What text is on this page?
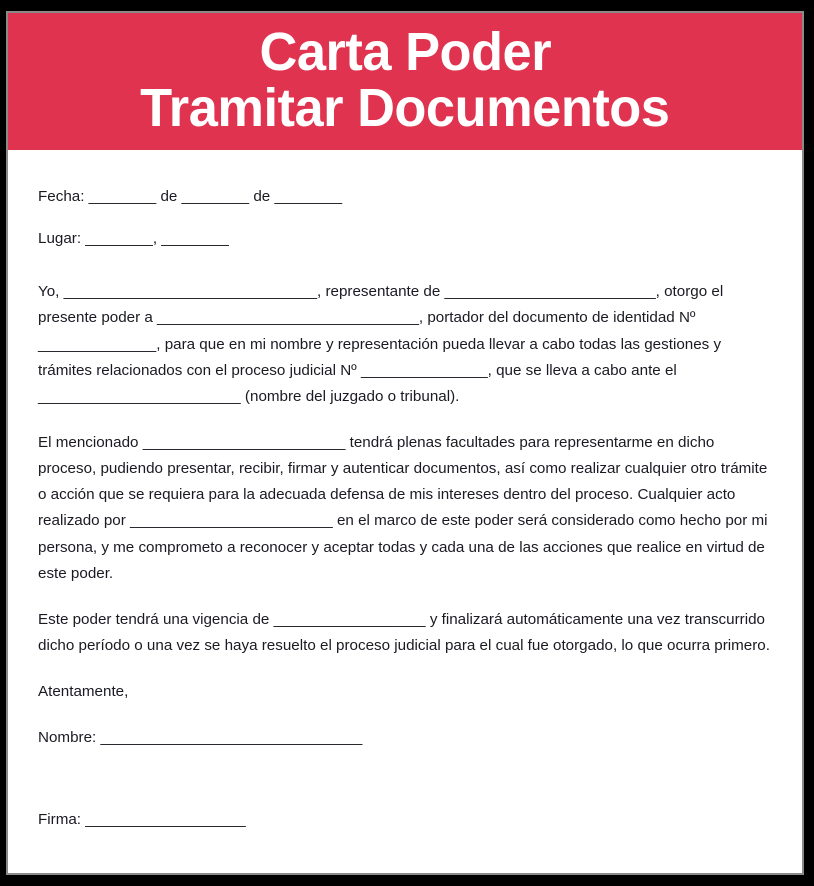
Carta Poder
Tramitar Documentos
Fecha: ________ de ________ de ________
Lugar: ________, ________

Yo, ______________________________, representante de _________________________, otorgo el presente poder a _______________________________, portador del documento de identidad Nº ______________, para que en mi nombre y representación pueda llevar a cabo todas las gestiones y trámites relacionados con el proceso judicial Nº _______________, que se lleva a cabo ante el ________________________ (nombre del juzgado o tribunal).

El mencionado ________________________ tendrá plenas facultades para representarme en dicho proceso, pudiendo presentar, recibir, firmar y autenticar documentos, así como realizar cualquier otro trámite o acción que se requiera para la adecuada defensa de mis intereses dentro del proceso. Cualquier acto realizado por ________________________ en el marco de este poder será considerado como hecho por mi persona, y me comprometo a reconocer y aceptar todas y cada una de las acciones que realice en virtud de este poder.

Este poder tendrá una vigencia de __________________ y finalizará automáticamente una vez transcurrido dicho período o una vez se haya resuelto el proceso judicial para el cual fue otorgado, lo que ocurra primero.

Atentamente,
Nombre: _______________________________
Firma: ___________________
